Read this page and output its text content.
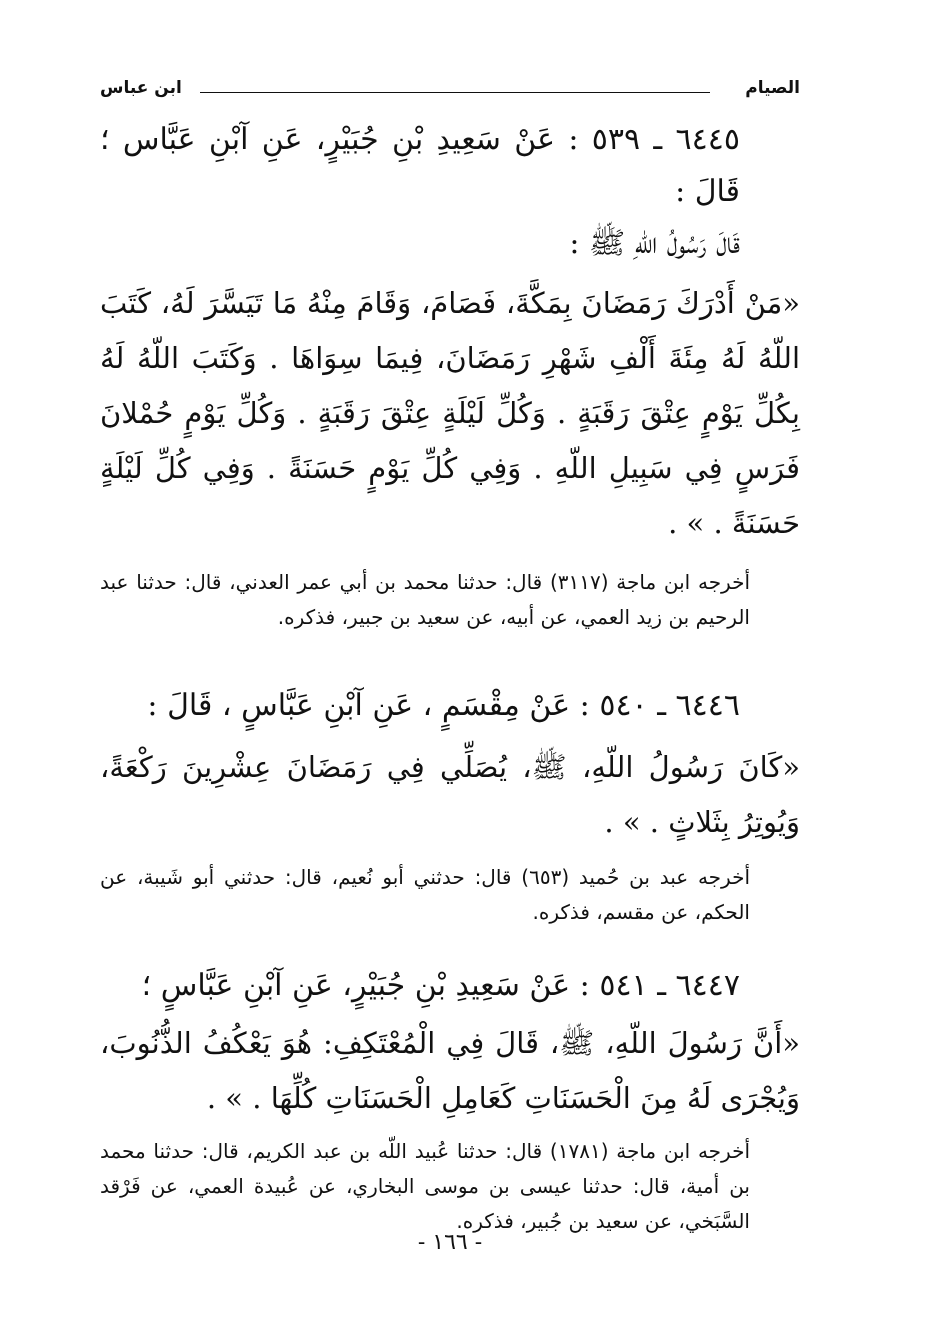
الصيام
ابن عباس
٦٤٤٥ ـ ٥٣٩ : عَنْ سَعِيدِ بْنِ جُبَيْرٍ، عَنِ آبْنِ عَبَّاس ؛ قَالَ :
قَالَ رَسُولُ اللّهِ ﷺ :
«مَنْ أَدْرَكَ رَمَضَانَ بِمَكَّةَ، فَصَامَ، وَقَامَ مِنْهُ مَا تَيَسَّرَ لَهُ، كَتَبَ اللّهُ لَهُ مِئَةَ أَلْفِ شَهْرِ رَمَضَانَ، فِيمَا سِوَاهَا . وَكَتَبَ اللّهُ لَهُ بِكُلِّ يَوْمٍ عِتْقَ رَقَبَةٍ . وَكُلِّ لَيْلَةٍ عِتْقَ رَقَبَةٍ . وَكُلِّ يَوْمٍ حُمْلانَ فَرَسٍ فِي سَبِيلِ اللّهِ . وَفِي كُلِّ يَوْمٍ حَسَنَةً . وَفِي كُلِّ لَيْلَةٍ حَسَنَةً . » .
أخرجه ابن ماجة (٣١١٧) قال: حدثنا محمد بن أبي عمر العدني، قال: حدثنا عبد الرحيم بن زيد العمي، عن أبيه، عن سعيد بن جبير، فذكره.
٦٤٤٦ ـ ٥٤٠ : عَنْ مِقْسَمٍ ، عَنِ آبْنِ عَبَّاسٍ ، قَالَ :
«كَانَ رَسُولُ اللّهِ، ﷺ، يُصَلِّي فِي رَمَضَانَ عِشْرِينَ رَكْعَةً، وَيُوتِرُ بِثَلاثٍ . » .
أخرجه عبد بن حُميد (٦٥٣) قال: حدثني أبو نُعيم، قال: حدثني أبو شَيبة، عن الحكم، عن مقسم، فذكره.
٦٤٤٧ ـ ٥٤١ : عَنْ سَعِيدِ بْنِ جُبَيْرٍ، عَنِ آبْنِ عَبَّاسٍ ؛
«أَنَّ رَسُولَ اللّهِ، ﷺ، قَالَ فِي الْمُعْتَكِفِ: هُوَ يَعْكُفُ الذُّنُوبَ، وَيُجْرَى لَهُ مِنَ الْحَسَنَاتِ كَعَامِلِ الْحَسَنَاتِ كُلِّهَا . » .
أخرجه ابن ماجة (١٧٨١) قال: حدثنا عُبيد اللّه بن عبد الكريم، قال: حدثنا محمد بن أمية، قال: حدثنا عيسى بن موسى البخاري، عن عُبيدة العمي، عن فَرْقد السَّبَخي، عن سعيد بن جُبير، فذكره.
- ١٦٦ -
